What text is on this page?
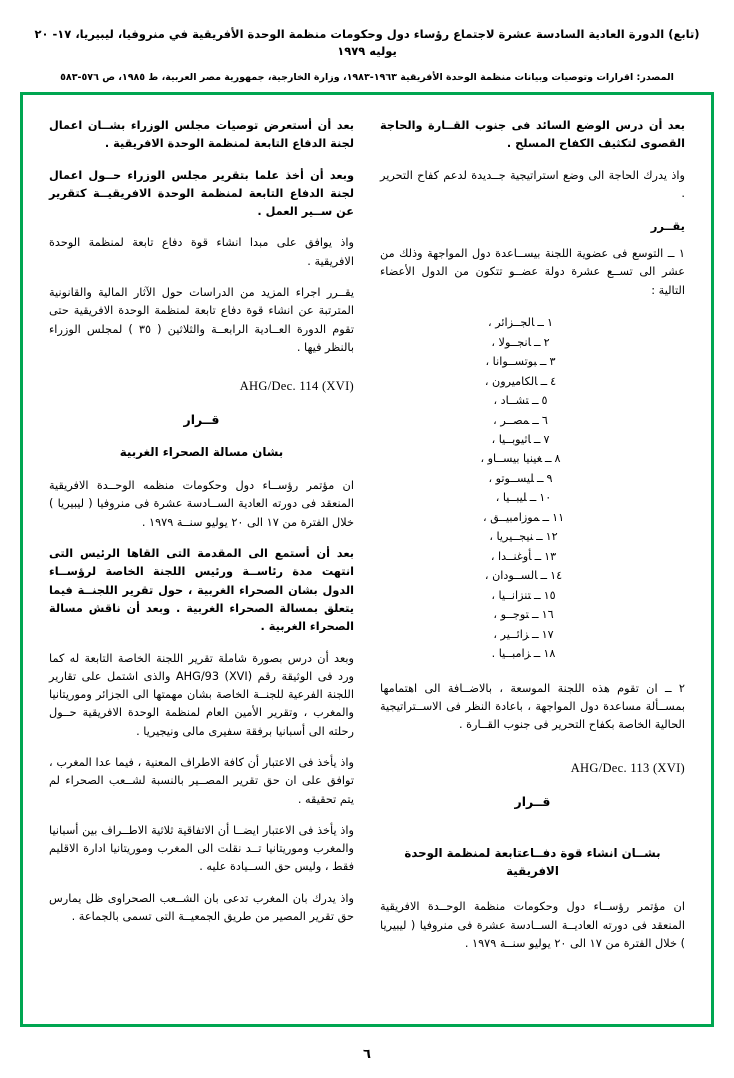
(تابع) الدورة العادية السادسة عشرة لاجتماع رؤساء دول وحكومات منظمة الوحدة الأفريقية في منروفيا، ليبيريا، ١٧- ٢٠ يوليه ١٩٧٩
المصدر: اقرارات وتوصيات وبيانات منظمة الوحدة الأفريقية ١٩٦٣-١٩٨٣، وزارة الخارجية، جمهورية مصر العربية، ط ١٩٨٥، ص ٥٧٦-٥٨٣

بعد أن درس الوضع السائد فى جنوب القــارة والحاجة القصوى لتكثيف الكفاح المسلح .

واذ يدرك الحاجة الى وضع استراتيجية جــديدة لدعم كفاح التحرير .

يقــرر

١ ــ التوسع فى عضوية اللجنة بيســاعدة دول المواجهة وذلك من عشر الى تســع عشرة دولة عضــو تتكون من الدول الأعضاء التالية :

١ــالجــزائر ،
٢ــانجــولا ،
٣ــبوتســوانا ،
٤ــالكاميرون ،
٥ــتشــاد ،
٦ــمصــر ،
٧ــاثيوبــيا ،
٨ــغينيا بيســاو ،
٩ــليســوتو ،
١٠ــليبــيا ،
١١ــموزامبيــق ،
١٢ــنيجــيريا ،
١٣ــأوغنــدا ،
١٤ــالســودان ،
١٥ــتنزانــيا ،
١٦ــتوجــو ،
١٧ــزائــير ،
١٨ــزامبــيا .

٢ ــ ان تقوم هذه اللجنة الموسعة ، بالاضــافة الى اهتمامها بمســألة مساعدة دول المواجهة ، باعادة النظر فى الاســتراتيجية الحالية الخاصة بكفاح التحرير فى جنوب القــارة .

AHG/Dec. 113 (XVI)
قــرار

بشــان انشاء قوة دفــاعتابعة لمنظمة الوحدة الافريقية

ان مؤتمر رؤســاء دول وحكومات منظمة الوحــدة الافريقية المنعقد فى دورته العاديــة الســادسة عشرة فى منروفيا ( ليبيريا ) خلال الفترة من ١٧ الى ٢٠ يوليو سنــة ١٩٧٩ .

بعد أن أستعرض توصيات مجلس الوزراء بشــان اعمال لجنة الدفاع التابعة لمنظمة الوحدة الافريقية .

وبعد أن أخذ علما بتقرير مجلس الوزراء حــول اعمال لجنة الدفاع التابعة لمنظمة الوحدة الافريقيــة كتقرير عن ســير العمل .

واذ يوافق على مبدا انشاء قوة دفاع تابعة لمنظمة الوحدة الافريقية .

يقــرر اجراء المزيد من الدراسات حول الآثار المالية والقانونية المترتبة عن انشاء قوة دفاع تابعة لمنظمة الوحدة الافريقية حتى تقوم الدورة العــادية الرابعــة والثلاثين ( ٣٥ ) لمجلس الوزراء بالنظر فيها .

AHG/Dec. 114 (XVI)
قــرار
بشان مسالة الصحراء الغربية

ان مؤتمر رؤســاء دول وحكومات منظمه الوحــدة الافريقية المنعقد فى دورته العادية الســادسة عشرة فى منروفيا ( ليبيريا ) خلال الفترة من ١٧ الى ٢٠ يوليو سنــة ١٩٧٩ .

بعد أن أستمع الى المقدمة التى القاها الرئيس التى انتهت مدة رئاســة ورئيس اللجنة الخاصة لرؤســاء الدول بشان الصحراء الغربية ، حول تقرير اللجنــة فيما يتعلق بمسالة الصحراء الغربية . وبعد أن ناقش مسالة الصحراء الغربية .

وبعد أن درس بصورة شاملة تقرير اللجنة الخاصة التابعة له كما ورد فى الوثيقة رقم AHG/93 (XVI) والذى اشتمل على تقارير اللجنة الفرعية للجنــة الخاصة بشان مهمتها الى الجزائر وموريتانيا والمغرب ، وتقرير الأمين العام لمنظمة الوحدة الافريقية حــول رحلته الى أسبانيا برفقة سفيرى مالى ونيجيريا .

واذ يأخذ فى الاعتبار أن كافة الاطراف المعنية ، فيما عدا المغرب ، توافق على ان حق تقرير المصــير بالنسبة لشــعب الصحراء لم يتم تحقيقه .

واذ يأخذ فى الاعتبار ايضــا أن الاتفاقية ثلاثية الاطــراف بين أسبانيا والمغرب وموريتانيا تــد نقلت الى المغرب وموريتانيا ادارة الاقليم فقط ، وليس حق الســيادة عليه .

واذ يدرك بان المغرب تدعى بان الشــعب الصحراوى ظل يمارس حق تقرير المصير من طريق الجمعيــة التى تسمى بالجماعة .

٦
